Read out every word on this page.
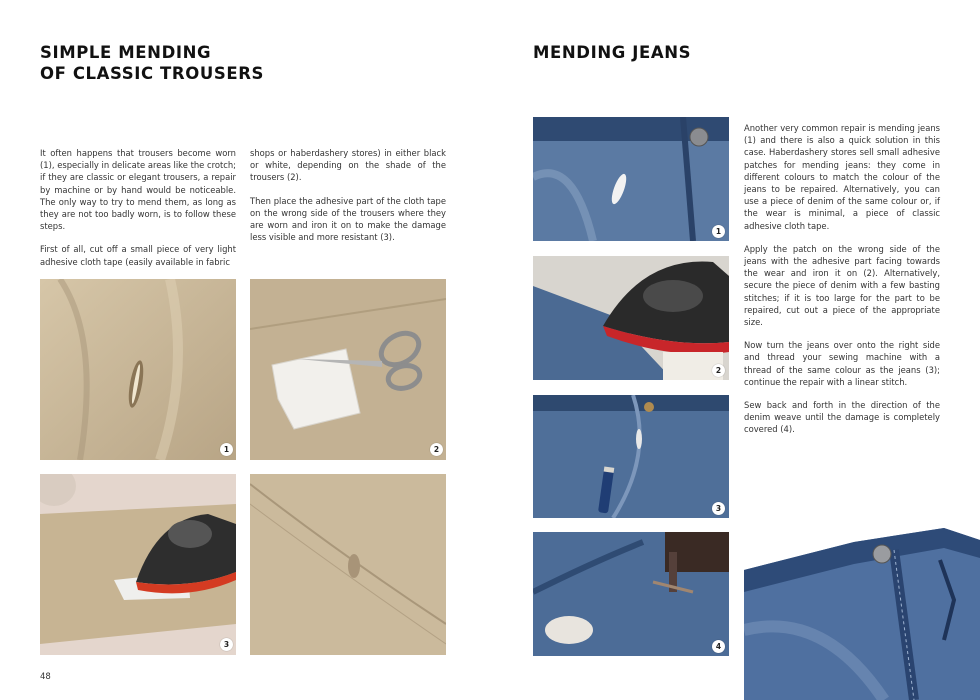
SIMPLE MENDING
OF CLASSIC TROUSERS

It often happens that trousers become worn (1), especially in delicate areas like the crotch; if they are classic or elegant trousers, a repair by machine or by hand would be noticeable. The only way to try to mend them, as long as they are not too badly worn, is to follow these steps.

First of all, cut off a small piece of very light adhesive cloth tape (easily available in fabric

shops or haberdashery stores) in either black or white, depending on the shade of the trousers (2).

Then place the adhesive part of the cloth tape on the wrong side of the trousers where they are worn and iron it on to make the damage less visible and more resistant (3).

1	2
3
48
MENDING JEANS
1
2
3
4

Another very common repair is mending jeans (1) and there is also a quick solution in this case. Haberdashery stores sell small adhesive patches for mending jeans: they come in different colours to match the colour of the jeans to be repaired. Alternatively, you can use a piece of denim of the same colour or, if the wear is minimal, a piece of classic adhesive cloth tape.

Apply the patch on the wrong side of the jeans with the adhesive part facing towards the wear and iron it on (2). Alternatively, secure the piece of denim with a few basting stitches; if it is too large for the part to be repaired, cut out a piece of the appropriate size.

Now turn the jeans over onto the right side and thread your sewing machine with a thread of the same colour as the jeans (3); continue the repair with a linear stitch.

Sew back and forth in the direction of the denim weave until the damage is completely covered (4).
